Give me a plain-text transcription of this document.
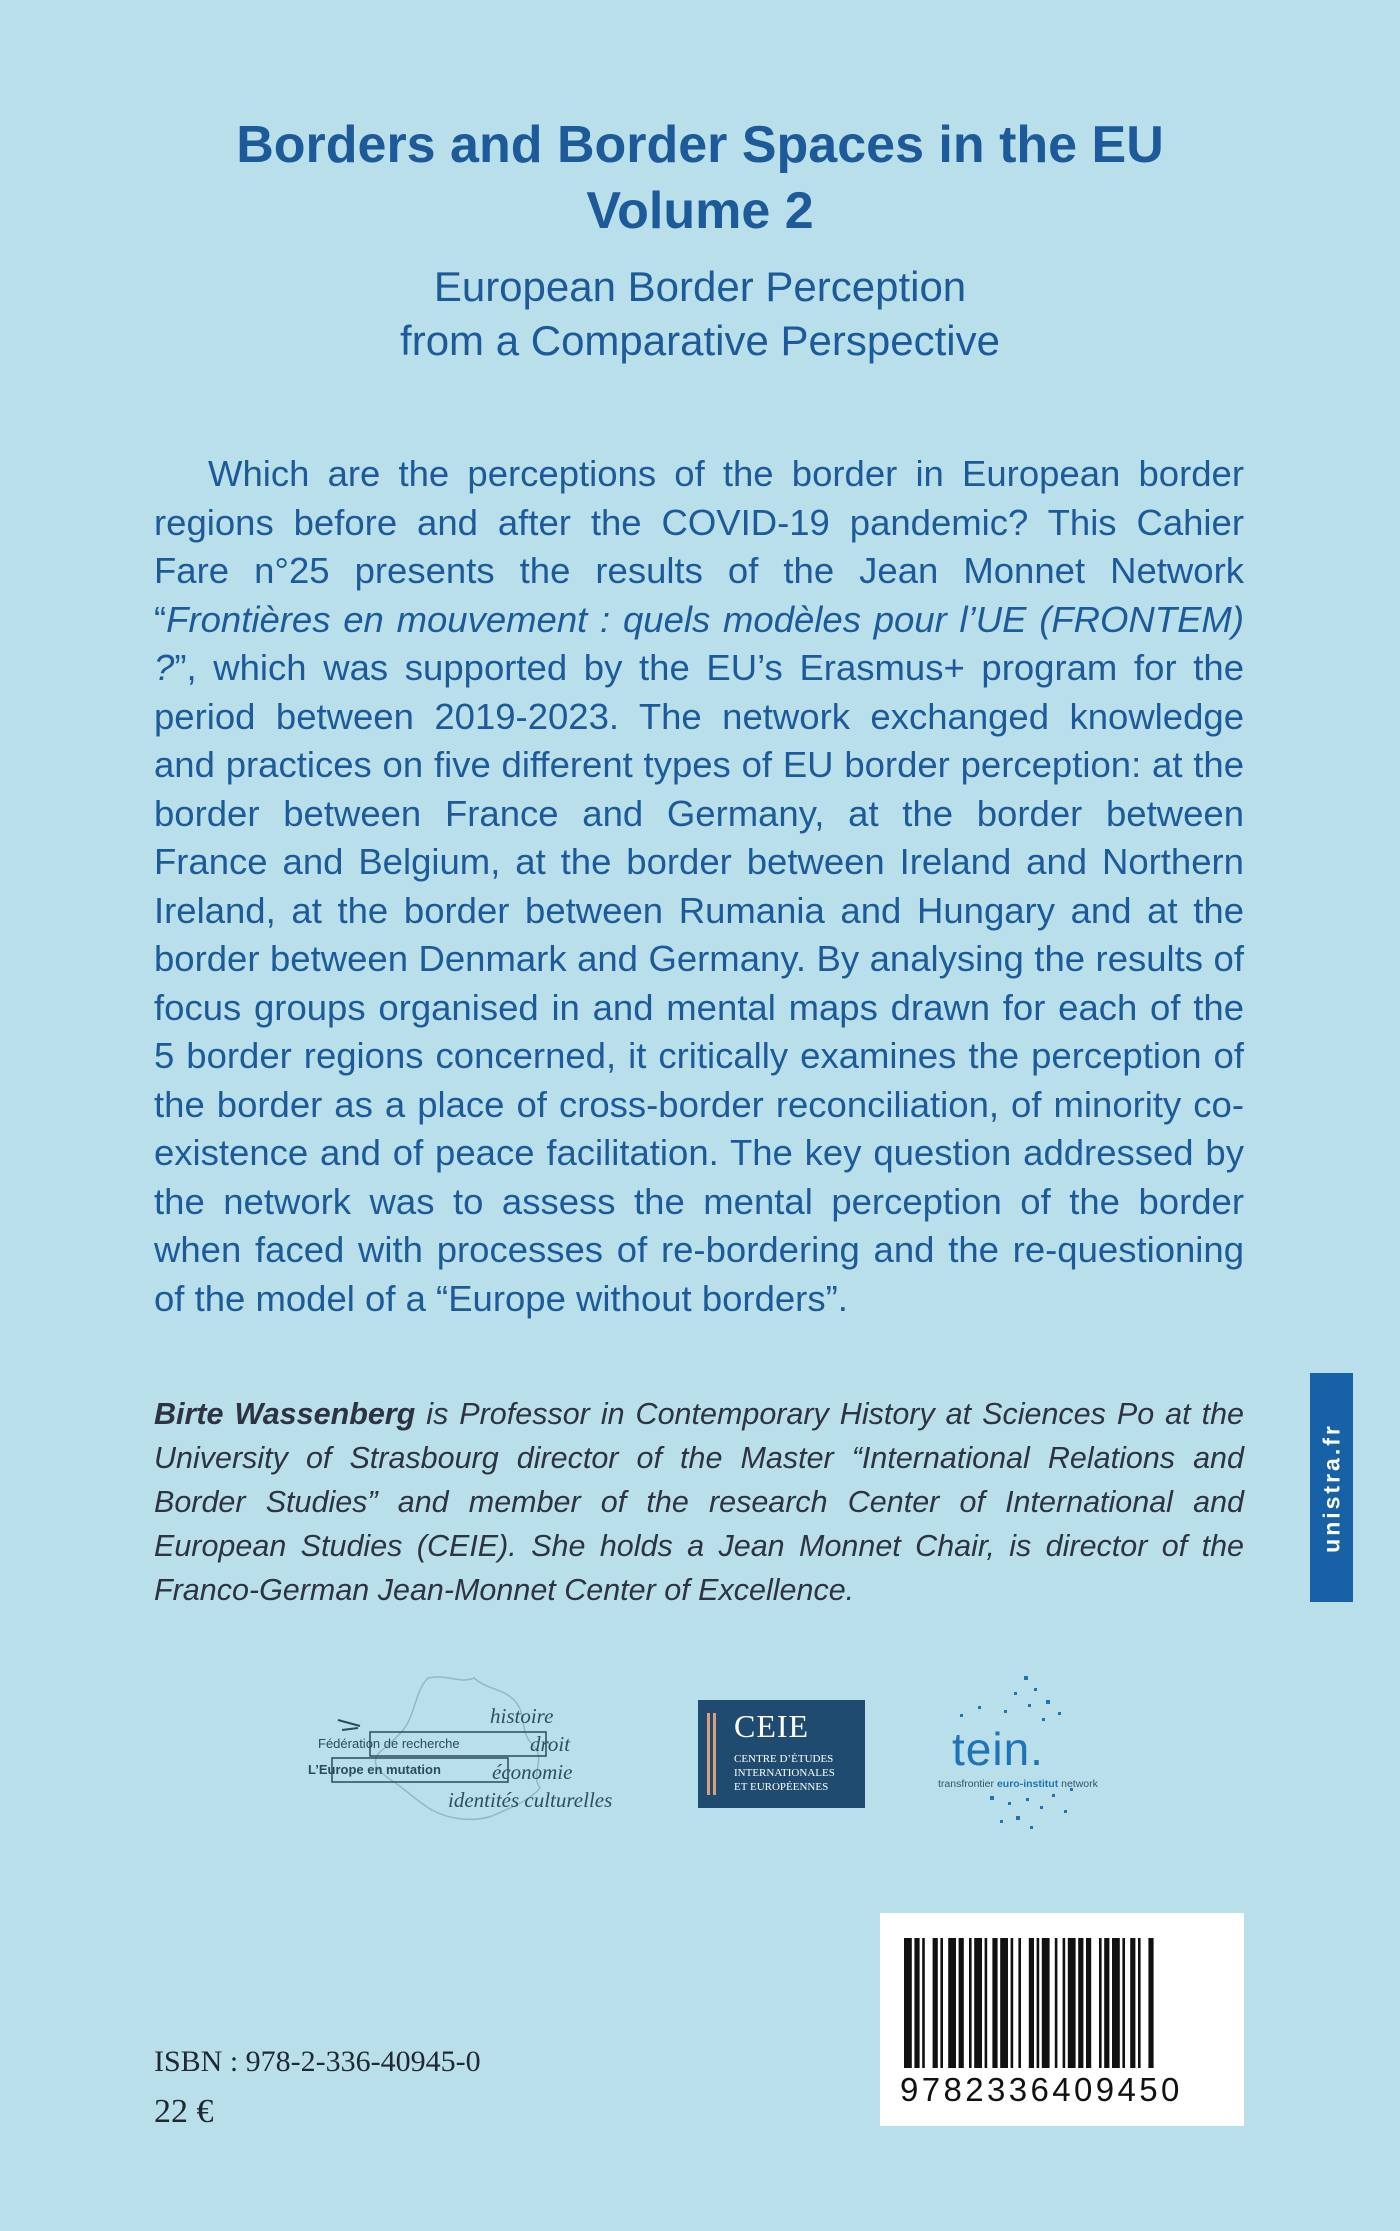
Borders and Border Spaces in the EU
Volume 2
European Border Perception
from a Comparative Perspective

Which are the perceptions of the border in European border regions before and after the COVID-19 pandemic? This Cahier Fare n°25 presents the results of the Jean Monnet Network “Frontières en mouvement : quels modèles pour l’UE (FRONTEM) ?”, which was supported by the EU’s Erasmus+ program for the period between 2019-2023. The network exchanged knowledge and practices on five different types of EU border perception: at the border between France and Germany, at the border between France and Belgium, at the border between Ireland and Northern Ireland, at the border between Rumania and Hungary and at the border between Denmark and Germany. By analysing the results of focus groups organised in and mental maps drawn for each of the 5 border regions concerned, it critically examines the perception of the border as a place of cross-border reconciliation, of minority co-existence and of peace facilitation. The key question addressed by the network was to assess the mental perception of the border when faced with processes of re-bordering and the re-questioning of the model of a “Europe without borders”.

Birte Wassenberg is Professor in Contemporary History at Sciences Po at the University of Strasbourg director of the Master “International Relations and Border Studies” and member of the research Center of International and European Studies (CEIE). She holds a Jean Monnet Chair, is director of the Franco-German Jean-Monnet Center of Excellence.

unistra.fr
Fédération de recherche
L’Europe en mutation
histoire
droit
économie
identités culturelles
CEIE
CENTRE D’ÉTUDES
INTERNATIONALES
ET EUROPÉENNES
tein.
transfrontier euro-institut network
9782336409450
ISBN : 978-2-336-40945-0
22 €
